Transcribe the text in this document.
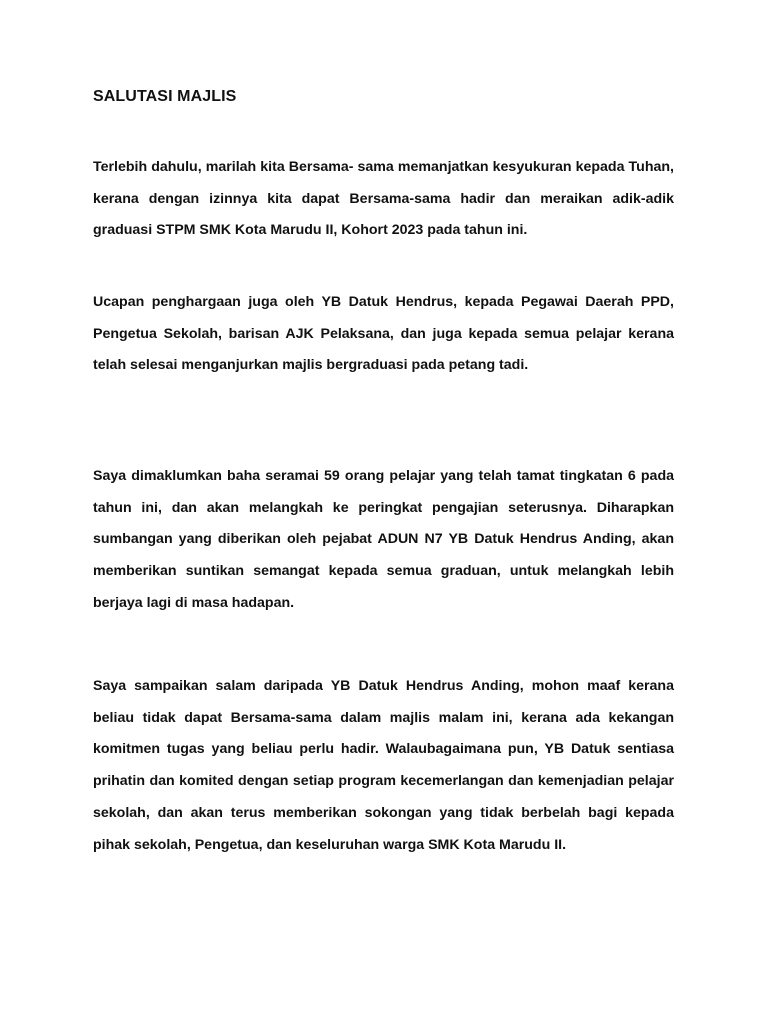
SALUTASI MAJLIS

Terlebih dahulu, marilah kita Bersama- sama memanjatkan kesyukuran kepada Tuhan, kerana dengan izinnya kita dapat Bersama-sama hadir dan meraikan adik-adik graduasi STPM SMK Kota Marudu II, Kohort 2023 pada tahun ini.

Ucapan penghargaan juga oleh YB Datuk Hendrus, kepada Pegawai Daerah PPD, Pengetua Sekolah, barisan AJK Pelaksana, dan juga kepada semua pelajar kerana telah selesai menganjurkan majlis bergraduasi pada petang tadi.

Saya dimaklumkan baha seramai 59 orang pelajar yang telah tamat tingkatan 6 pada tahun ini, dan akan melangkah ke peringkat pengajian seterusnya. Diharapkan sumbangan yang diberikan oleh pejabat ADUN N7 YB Datuk Hendrus Anding, akan memberikan suntikan semangat kepada semua graduan, untuk melangkah lebih berjaya lagi di masa hadapan.

Saya sampaikan salam daripada YB Datuk Hendrus Anding, mohon maaf kerana beliau tidak dapat Bersama-sama dalam majlis malam ini, kerana ada kekangan komitmen tugas yang beliau perlu hadir. Walaubagaimana pun, YB Datuk sentiasa prihatin dan komited dengan setiap program kecemerlangan dan kemenjadian pelajar sekolah, dan akan terus memberikan sokongan yang tidak berbelah bagi kepada pihak sekolah, Pengetua, dan keseluruhan warga SMK Kota Marudu II.
